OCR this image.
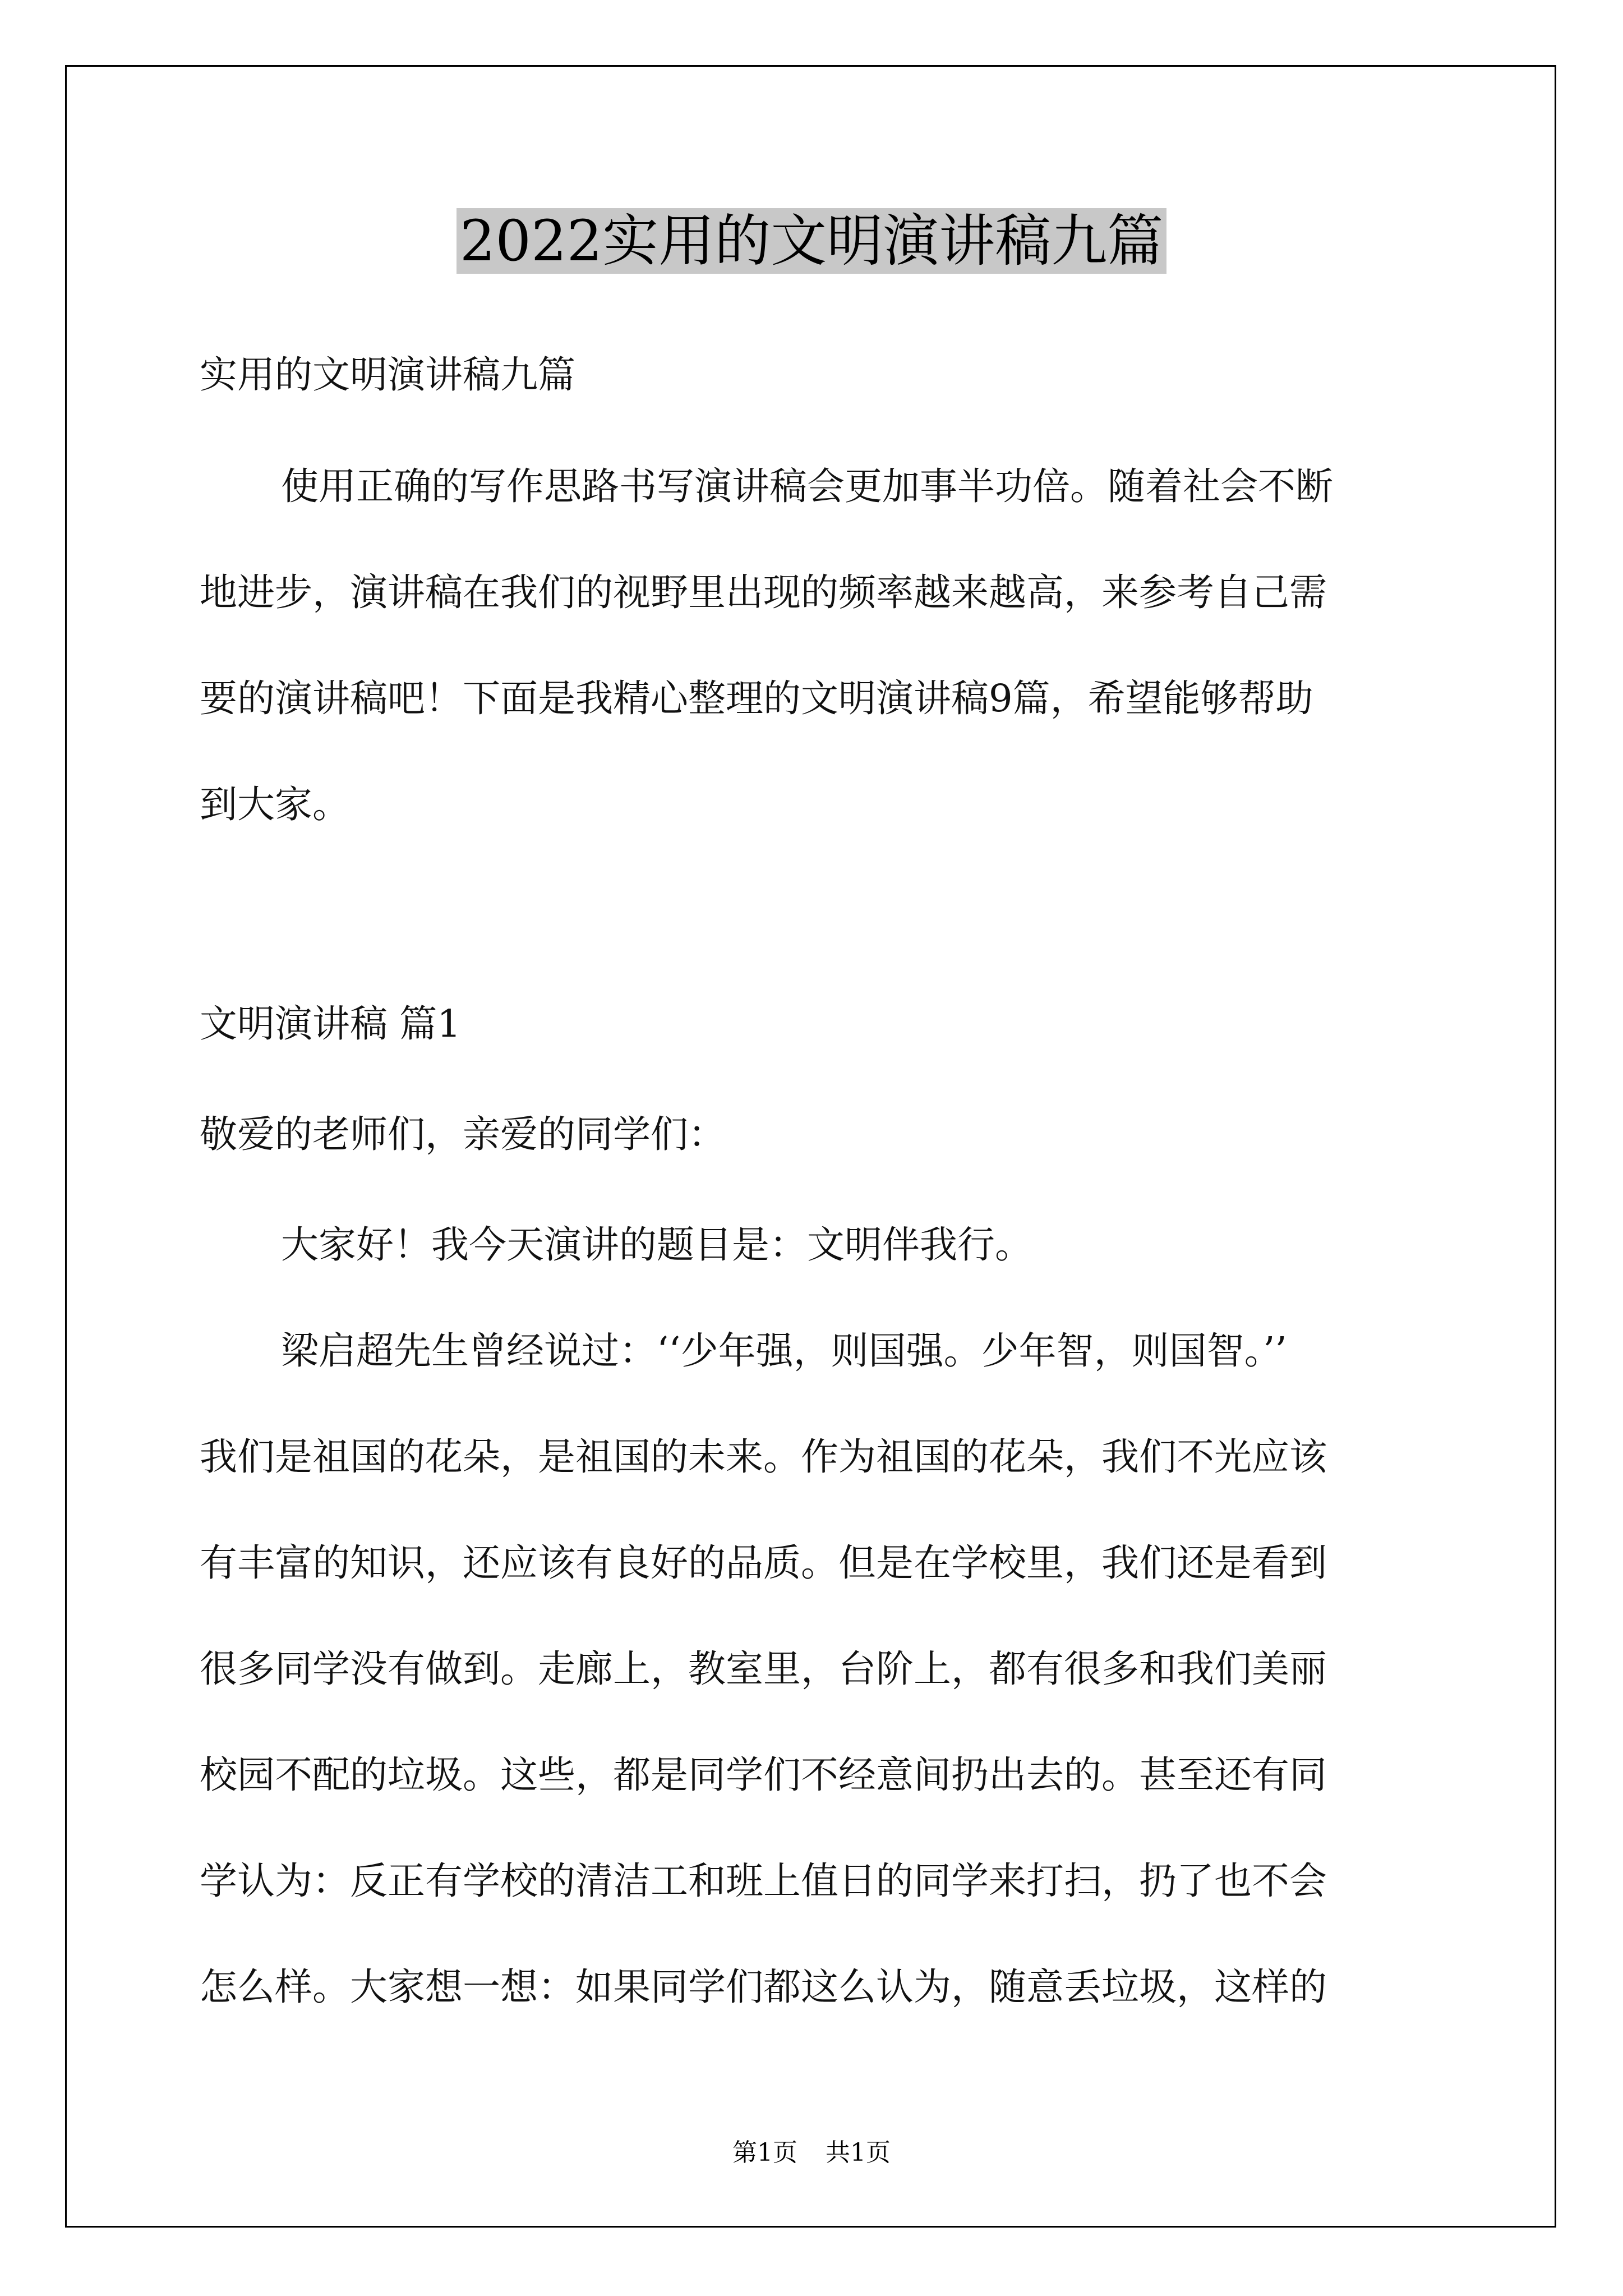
2022实用的文明演讲稿九篇

实用的文明演讲稿九篇

使用正确的写作思路书写演讲稿会更加事半功倍。随着社会不断

地进步，演讲稿在我们的视野里出现的频率越来越高，来参考自己需

要的演讲稿吧！下面是我精心整理的文明演讲稿9篇，希望能够帮助

到大家。

文明演讲稿 篇1

敬爱的老师们，亲爱的同学们：

大家好！我今天演讲的题目是：文明伴我行。

梁启超先生曾经说过：‘‘少年强，则国强。少年智，则国智。’’

我们是祖国的花朵，是祖国的未来。作为祖国的花朵，我们不光应该

有丰富的知识，还应该有良好的品质。但是在学校里，我们还是看到

很多同学没有做到。走廊上，教室里，台阶上，都有很多和我们美丽

校园不配的垃圾。这些，都是同学们不经意间扔出去的。甚至还有同

学认为：反正有学校的清洁工和班上值日的同学来打扫，扔了也不会

怎么样。大家想一想：如果同学们都这么认为，随意丢垃圾，这样的

第1页 共1页
